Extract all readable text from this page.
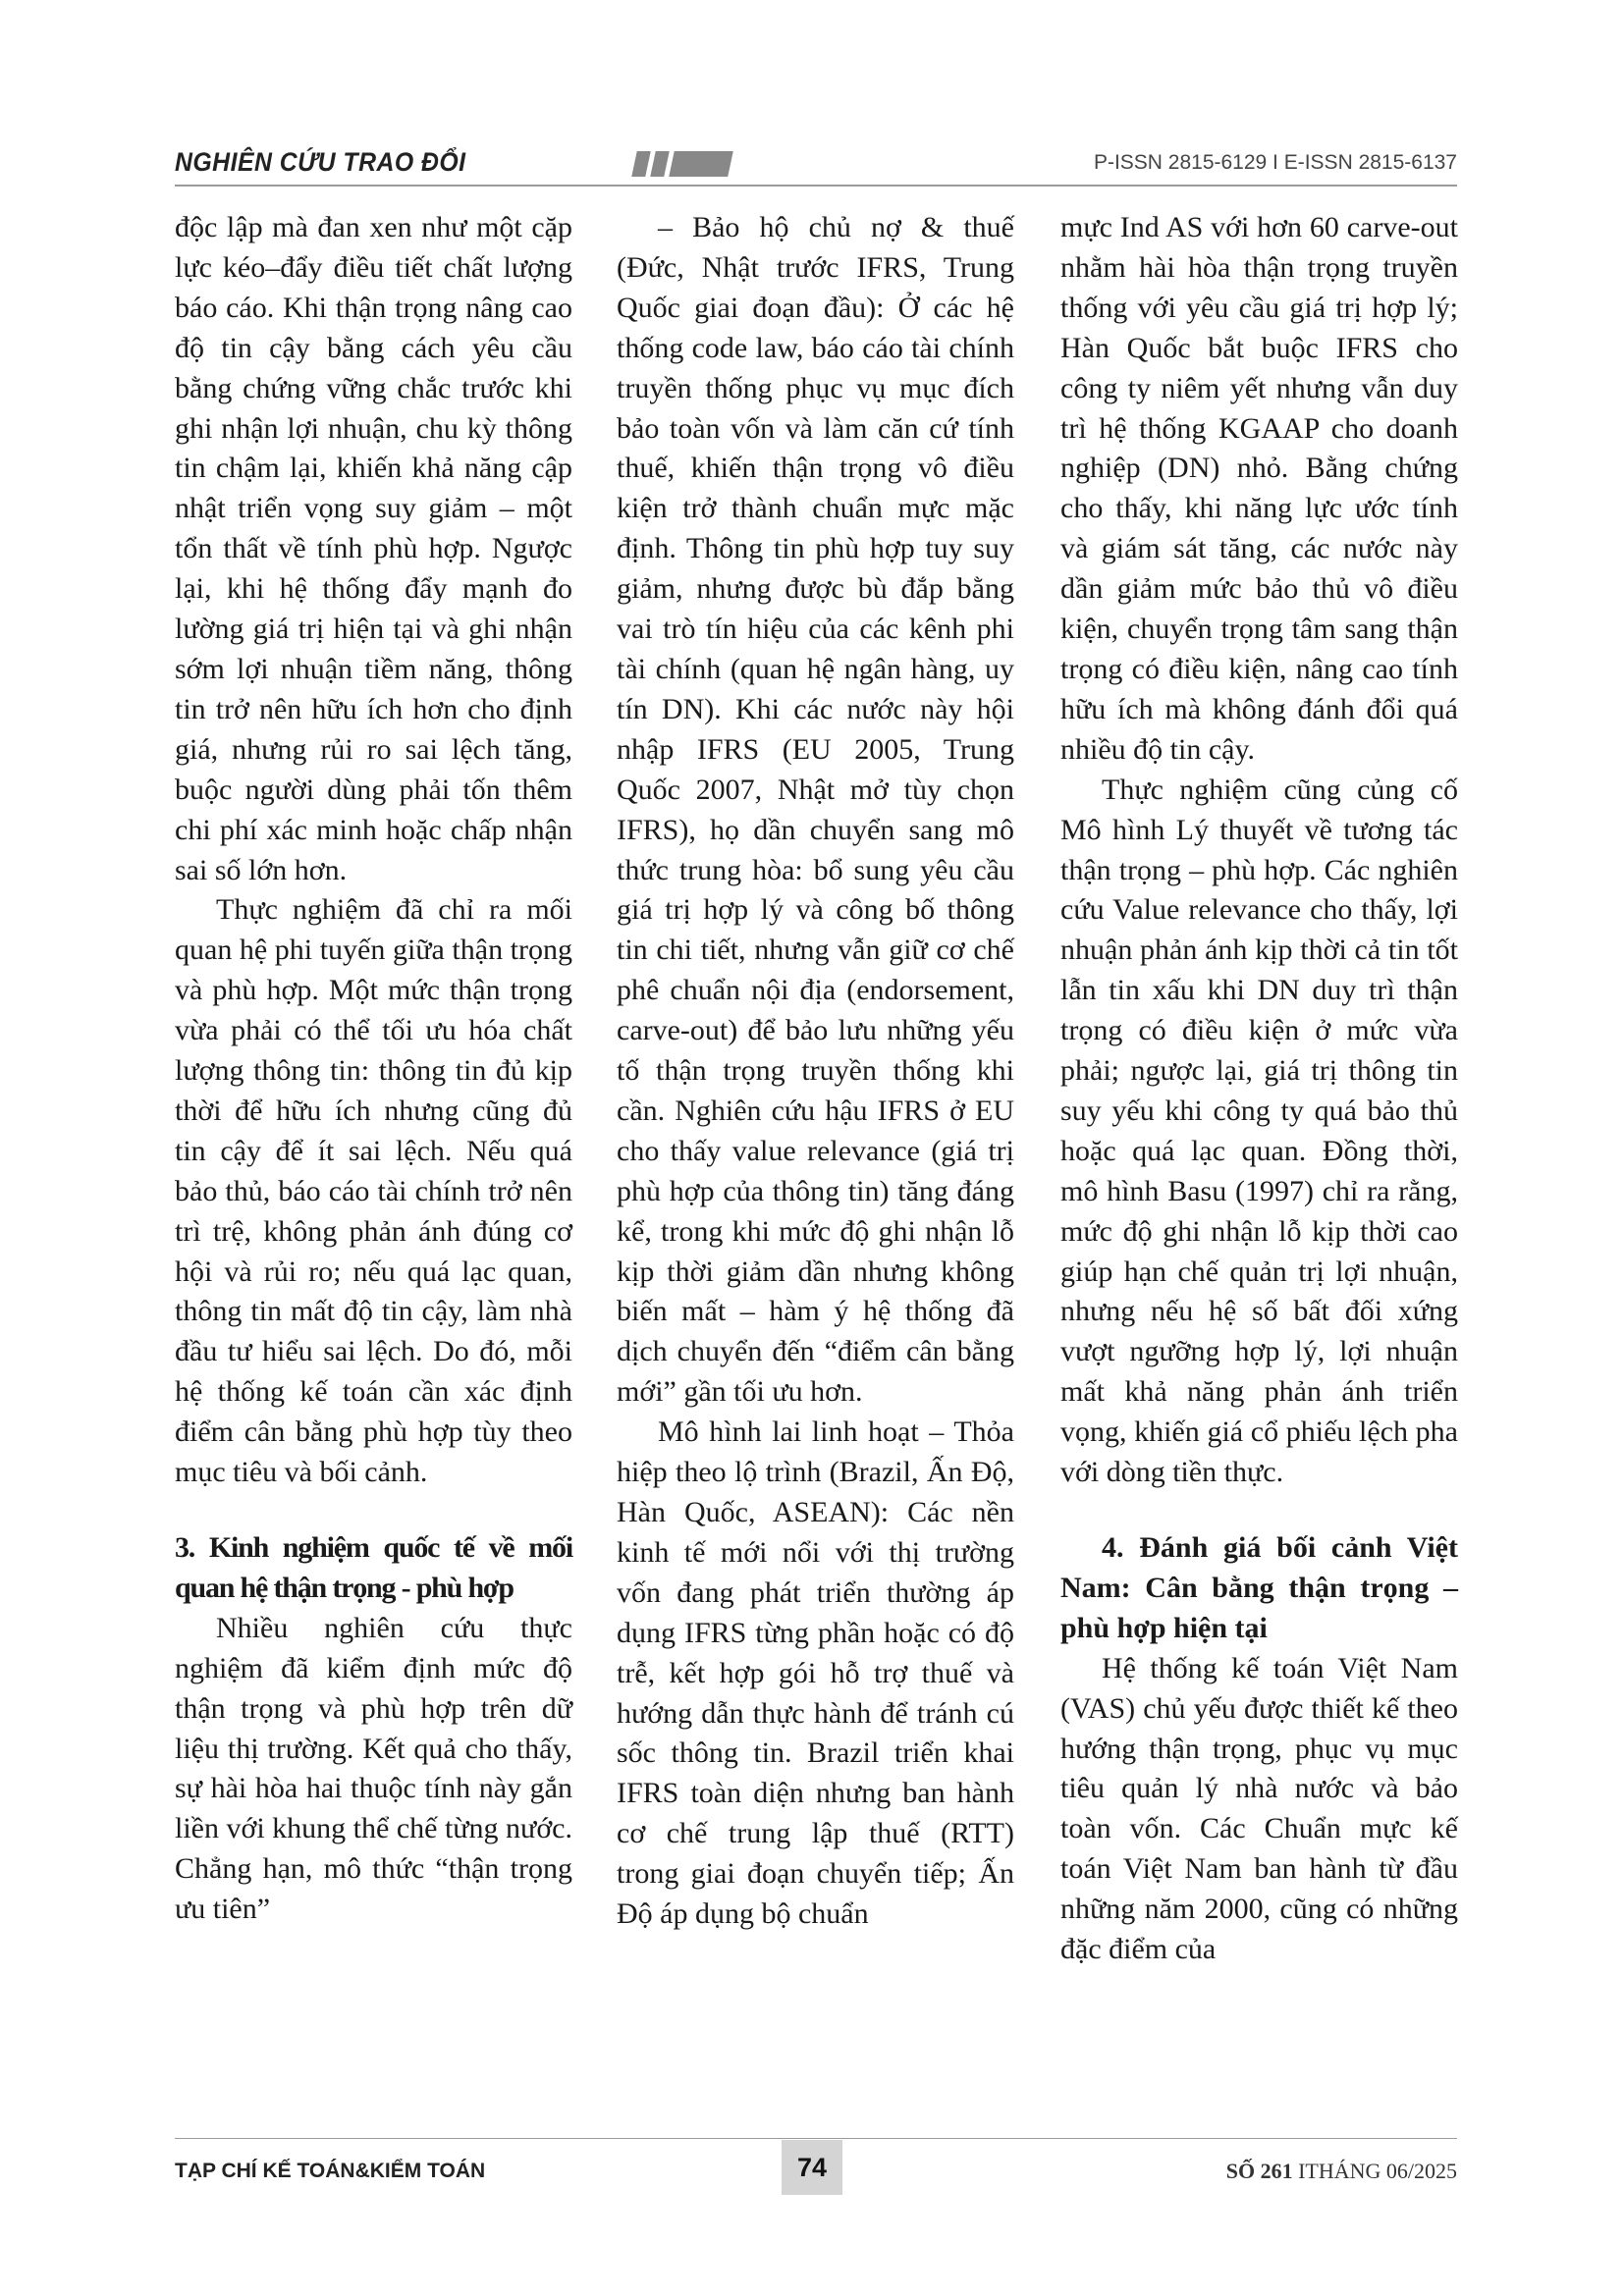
NGHIÊN CỨU TRAO ĐỔI	P-ISSN 2815-6129 I E-ISSN 2815-6137

độc lập mà đan xen như một cặp lực kéo–đẩy điều tiết chất lượng báo cáo. Khi thận trọng nâng cao độ tin cậy bằng cách yêu cầu bằng chứng vững chắc trước khi ghi nhận lợi nhuận, chu kỳ thông tin chậm lại, khiến khả năng cập nhật triển vọng suy giảm – một tổn thất về tính phù hợp. Ngược lại, khi hệ thống đẩy mạnh đo lường giá trị hiện tại và ghi nhận sớm lợi nhuận tiềm năng, thông tin trở nên hữu ích hơn cho định giá, nhưng rủi ro sai lệch tăng, buộc người dùng phải tốn thêm chi phí xác minh hoặc chấp nhận sai số lớn hơn.

Thực nghiệm đã chỉ ra mối quan hệ phi tuyến giữa thận trọng và phù hợp. Một mức thận trọng vừa phải có thể tối ưu hóa chất lượng thông tin: thông tin đủ kịp thời để hữu ích nhưng cũng đủ tin cậy để ít sai lệch. Nếu quá bảo thủ, báo cáo tài chính trở nên trì trệ, không phản ánh đúng cơ hội và rủi ro; nếu quá lạc quan, thông tin mất độ tin cậy, làm nhà đầu tư hiểu sai lệch. Do đó, mỗi hệ thống kế toán cần xác định điểm cân bằng phù hợp tùy theo mục tiêu và bối cảnh.

3. Kinh nghiệm quốc tế về mối quan hệ thận trọng - phù hợp

Nhiều nghiên cứu thực nghiệm đã kiểm định mức độ thận trọng và phù hợp trên dữ liệu thị trường. Kết quả cho thấy, sự hài hòa hai thuộc tính này gắn liền với khung thể chế từng nước. Chẳng hạn, mô thức “thận trọng ưu tiên”

– Bảo hộ chủ nợ & thuế (Đức, Nhật trước IFRS, Trung Quốc giai đoạn đầu): Ở các hệ thống code law, báo cáo tài chính truyền thống phục vụ mục đích bảo toàn vốn và làm căn cứ tính thuế, khiến thận trọng vô điều kiện trở thành chuẩn mực mặc định. Thông tin phù hợp tuy suy giảm, nhưng được bù đắp bằng vai trò tín hiệu của các kênh phi tài chính (quan hệ ngân hàng, uy tín DN). Khi các nước này hội nhập IFRS (EU 2005, Trung Quốc 2007, Nhật mở tùy chọn IFRS), họ dần chuyển sang mô thức trung hòa: bổ sung yêu cầu giá trị hợp lý và công bố thông tin chi tiết, nhưng vẫn giữ cơ chế phê chuẩn nội địa (endorsement, carve-out) để bảo lưu những yếu tố thận trọng truyền thống khi cần. Nghiên cứu hậu IFRS ở EU cho thấy value relevance (giá trị phù hợp của thông tin) tăng đáng kể, trong khi mức độ ghi nhận lỗ kịp thời giảm dần nhưng không biến mất – hàm ý hệ thống đã dịch chuyển đến “điểm cân bằng mới” gần tối ưu hơn.

Mô hình lai linh hoạt – Thỏa hiệp theo lộ trình (Brazil, Ấn Độ, Hàn Quốc, ASEAN): Các nền kinh tế mới nổi với thị trường vốn đang phát triển thường áp dụng IFRS từng phần hoặc có độ trễ, kết hợp gói hỗ trợ thuế và hướng dẫn thực hành để tránh cú sốc thông tin. Brazil triển khai IFRS toàn diện nhưng ban hành cơ chế trung lập thuế (RTT) trong giai đoạn chuyển tiếp; Ấn Độ áp dụng bộ chuẩn

mực Ind AS với hơn 60 carve-out nhằm hài hòa thận trọng truyền thống với yêu cầu giá trị hợp lý; Hàn Quốc bắt buộc IFRS cho công ty niêm yết nhưng vẫn duy trì hệ thống KGAAP cho doanh nghiệp (DN) nhỏ. Bằng chứng cho thấy, khi năng lực ước tính và giám sát tăng, các nước này dần giảm mức bảo thủ vô điều kiện, chuyển trọng tâm sang thận trọng có điều kiện, nâng cao tính hữu ích mà không đánh đổi quá nhiều độ tin cậy.

Thực nghiệm cũng củng cố Mô hình Lý thuyết về tương tác thận trọng – phù hợp. Các nghiên cứu Value relevance cho thấy, lợi nhuận phản ánh kịp thời cả tin tốt lẫn tin xấu khi DN duy trì thận trọng có điều kiện ở mức vừa phải; ngược lại, giá trị thông tin suy yếu khi công ty quá bảo thủ hoặc quá lạc quan. Đồng thời, mô hình Basu (1997) chỉ ra rằng, mức độ ghi nhận lỗ kịp thời cao giúp hạn chế quản trị lợi nhuận, nhưng nếu hệ số bất đối xứng vượt ngưỡng hợp lý, lợi nhuận mất khả năng phản ánh triển vọng, khiến giá cổ phiếu lệch pha với dòng tiền thực.

4. Đánh giá bối cảnh Việt Nam: Cân bằng thận trọng – phù hợp hiện tại

Hệ thống kế toán Việt Nam (VAS) chủ yếu được thiết kế theo hướng thận trọng, phục vụ mục tiêu quản lý nhà nước và bảo toàn vốn. Các Chuẩn mực kế toán Việt Nam ban hành từ đầu những năm 2000, cũng có những đặc điểm của

TẠP CHÍ KẾ TOÁN&KIỂM TOÁN	74	SỐ 261 ITHÁNG 06/2025
